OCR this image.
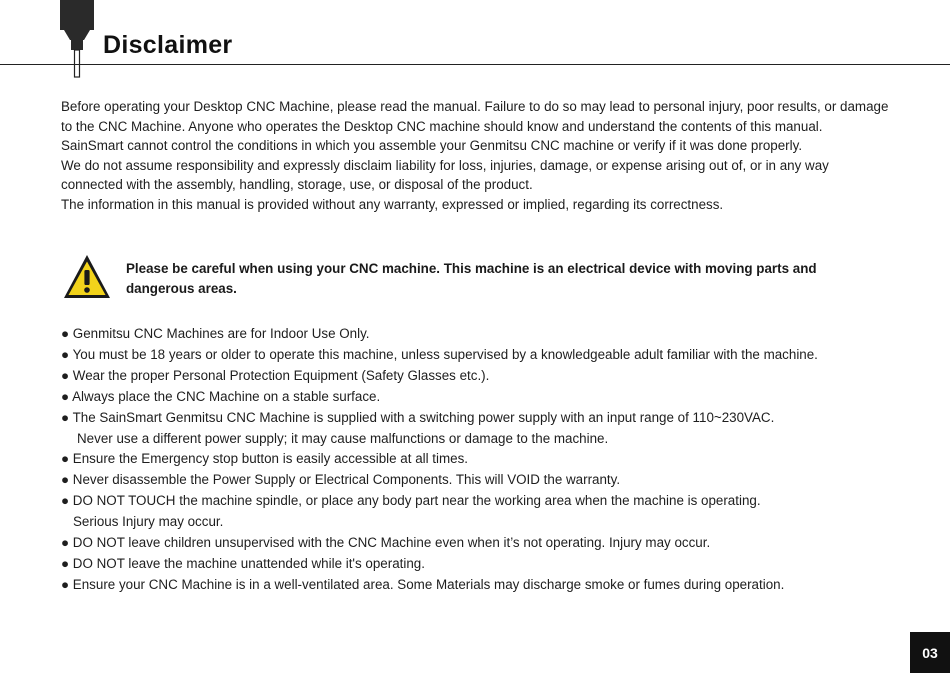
Disclaimer

Before operating your Desktop CNC Machine, please read the manual. Failure to do so may lead to personal injury, poor results, or damage to the CNC Machine. Anyone who operates the Desktop CNC machine should know and understand the contents of this manual.

SainSmart cannot control the conditions in which you assemble your Genmitsu CNC machine or verify if it was done properly.

We do not assume responsibility and expressly disclaim liability for loss, injuries, damage, or expense arising out of, or in any way connected with the assembly, handling, storage, use, or disposal of the product.

The information in this manual is provided without any warranty, expressed or implied, regarding its correctness.

Please be careful when using your CNC machine. This machine is an electrical device with moving parts and
dangerous areas.
● Genmitsu CNC Machines are for Indoor Use Only.
● You must be 18 years or older to operate this machine, unless supervised by a knowledgeable adult familiar with the machine.
● Wear the proper Personal Protection Equipment (Safety Glasses etc.).
● Always place the CNC Machine on a stable surface.
● The SainSmart Genmitsu CNC Machine is supplied with a switching power supply with an input range of 110~230VAC.
Never use a different power supply; it may cause malfunctions or damage to the machine.
● Ensure the Emergency stop button is easily accessible at all times.
● Never disassemble the Power Supply or Electrical Components. This will VOID the warranty.
● DO NOT TOUCH the machine spindle, or place any body part near the working area when the machine is operating.
Serious Injury may occur.
● DO NOT leave children unsupervised with the CNC Machine even when it’s not operating. Injury may occur.
● DO NOT leave the machine unattended while it's operating.
● Ensure your CNC Machine is in a well-ventilated area. Some Materials may discharge smoke or fumes during operation.
03
